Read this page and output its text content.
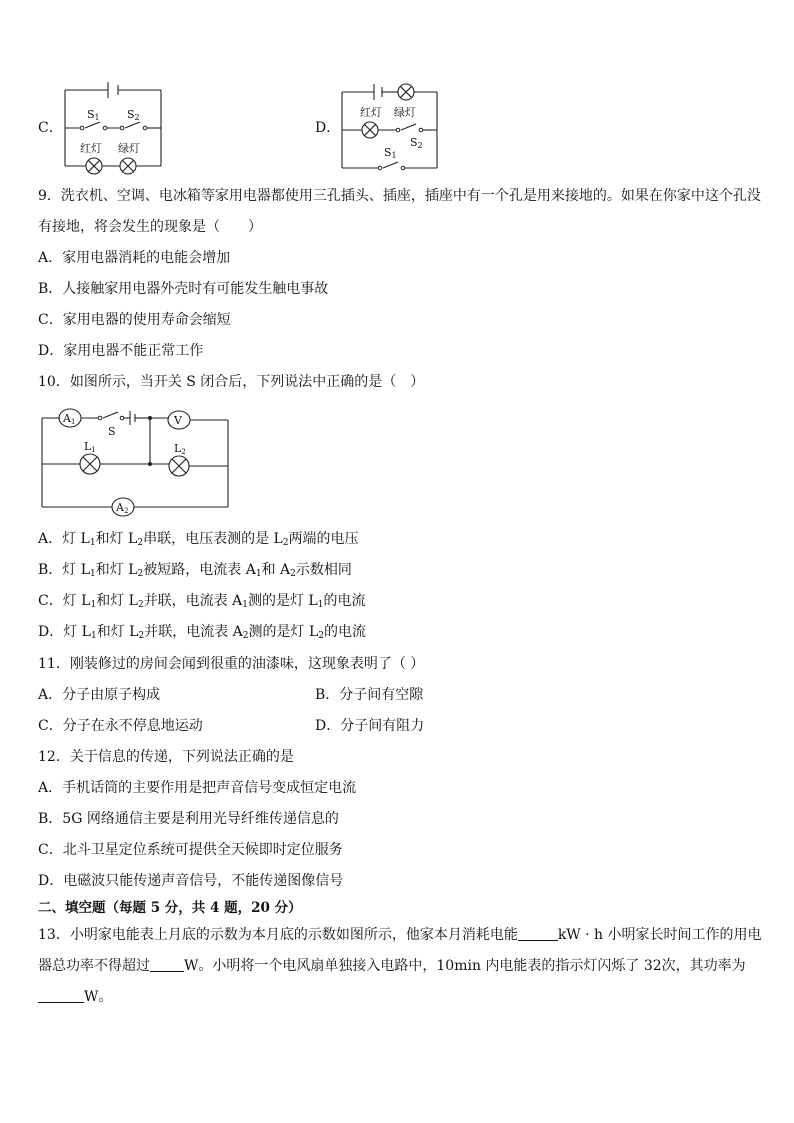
C．
S1 S2
红灯 绿灯
D．
红灯 绿灯
S2
S1
9．洗衣机、空调、电冰箱等家用电器都使用三孔插头、插座，插座中有一个孔是用来接地的。如果在你家中这个孔没
有接地，将会发生的现象是（　　）
A．家用电器消耗的电能会增加
B．人接触家用电器外壳时有可能发生触电事故
C．家用电器的使用寿命会缩短
D．家用电器不能正常工作
10．如图所示，当开关 S 闭合后，下列说法中正确的是（　）
A1
S
V
L1	L2
A2
A．灯 $L_1$和灯 $L_2$串联，电压表测的是 $L_2$两端的电压
B．灯 $L_1$和灯 $L_2$被短路，电流表 $A_1$和 $A_2$示数相同
C．灯 $L_1$和灯 $L_2$并联，电流表 $A_1$测的是灯 $L_1$的电流
D．灯 $L_1$和灯 $L_2$并联，电流表 $A_2$测的是灯 $L_2$的电流
11．刚装修过的房间会闻到很重的油漆味，这现象表明了（ ）
A．分子由原子构成	B．分子间有空隙
C．分子在永不停息地运动	D．分子间有阻力
12．关于信息的传递，下列说法正确的是
A．手机话筒的主要作用是把声音信号变成恒定电流
B．5G 网络通信主要是利用光导纤维传递信息的
C．北斗卫星定位系统可提供全天候即时定位服务
D．电磁波只能传递声音信号，不能传递图像信号
二、填空题（每题 5 分，共 4 题，20 分）
13．小明家电能表上月底的示数为本月底的示数如图所示，他家本月消耗电能	kW · h 小明家长时间工作的用电
器总功率不得超过 W。小明将一个电风扇单独接入电路中，10min 内电能表的指示灯闪烁了 32次，其功率为
W。
